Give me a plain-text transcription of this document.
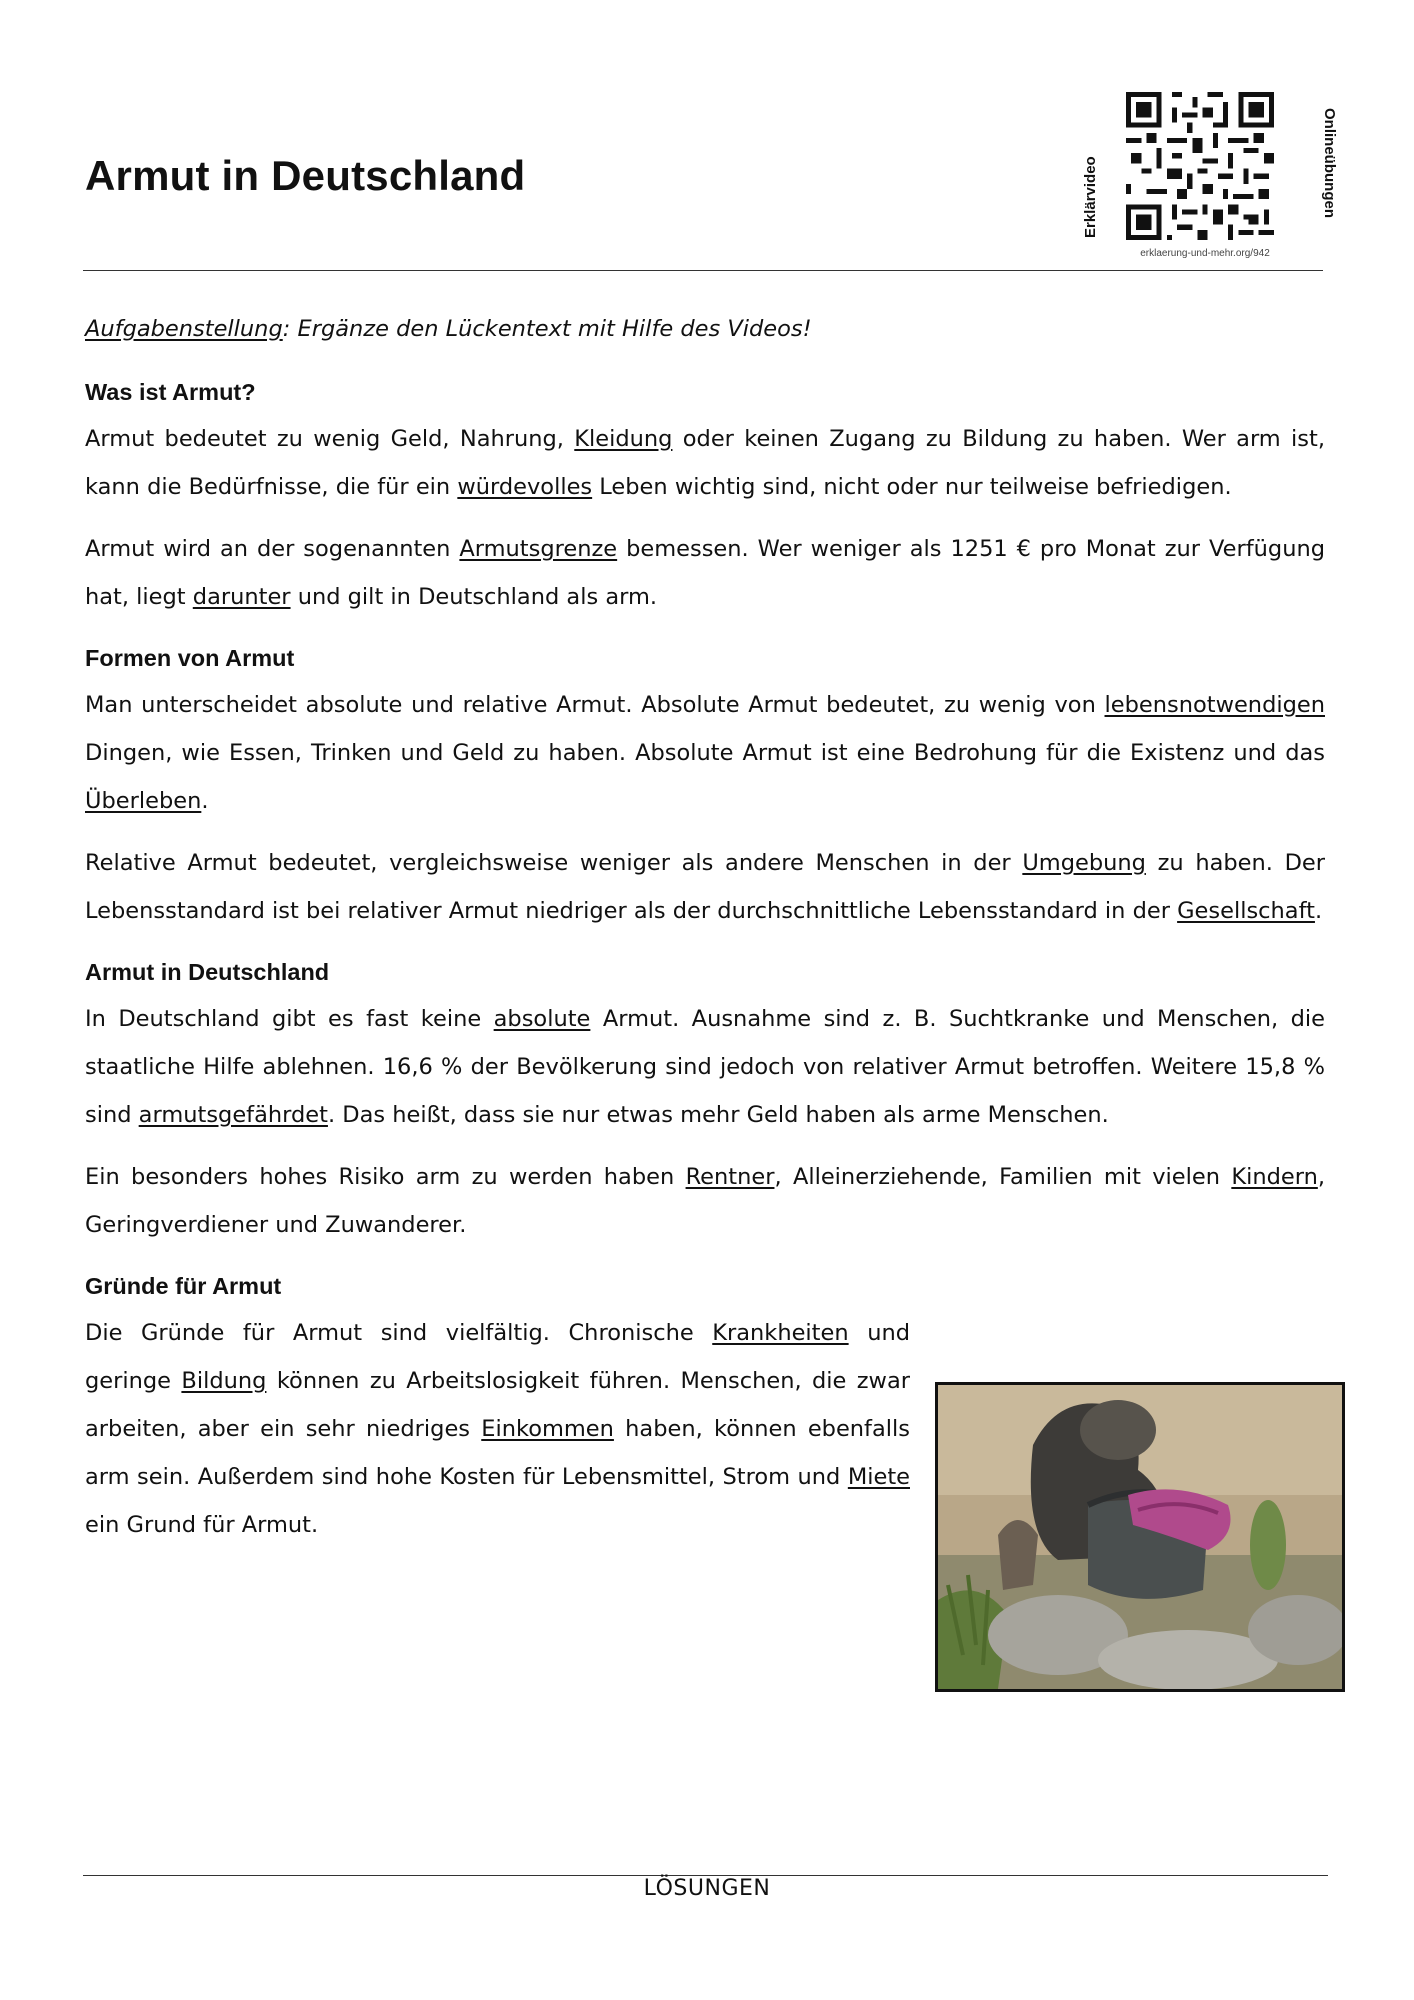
Armut in Deutschland	Erklärvideo	Onlineübungen
erklaerung-und-mehr.org/942

Aufgabenstellung: Ergänze den Lückentext mit Hilfe des Videos!

Was ist Armut?

Armut bedeutet zu wenig Geld, Nahrung, Kleidung oder keinen Zugang zu Bildung zu haben. Wer arm ist, kann die Bedürfnisse, die für ein würdevolles Leben wichtig sind, nicht oder nur teilweise befriedigen.

Armut wird an der sogenannten Armutsgrenze bemessen. Wer weniger als 1251 € pro Monat zur Verfügung hat, liegt darunter und gilt in Deutschland als arm.

Formen von Armut

Man unterscheidet absolute und relative Armut. Absolute Armut bedeutet, zu wenig von lebensnotwendigen Dingen, wie Essen, Trinken und Geld zu haben. Absolute Armut ist eine Bedrohung für die Existenz und das Überleben.

Relative Armut bedeutet, vergleichsweise weniger als andere Menschen in der Umgebung zu haben. Der Lebensstandard ist bei relativer Armut niedriger als der durchschnittliche Lebensstandard in der Gesellschaft.

Armut in Deutschland

In Deutschland gibt es fast keine absolute Armut. Ausnahme sind z. B. Suchtkranke und Menschen, die staatliche Hilfe ablehnen. 16,6 % der Bevölkerung sind jedoch von relativer Armut betroffen. Weitere 15,8 % sind armutsgefährdet. Das heißt, dass sie nur etwas mehr Geld haben als arme Menschen.

Ein besonders hohes Risiko arm zu werden haben Rentner, Alleinerziehende, Familien mit vielen Kindern, Geringverdiener und Zuwanderer.

Gründe für Armut

Die Gründe für Armut sind vielfältig. Chronische Krankheiten und geringe Bildung können zu Arbeitslosigkeit führen. Menschen, die zwar arbeiten, aber ein sehr niedriges Einkommen haben, können ebenfalls arm sein. Außerdem sind hohe Kosten für Lebensmittel, Strom und Miete ein Grund für Armut.

LÖSUNGEN
